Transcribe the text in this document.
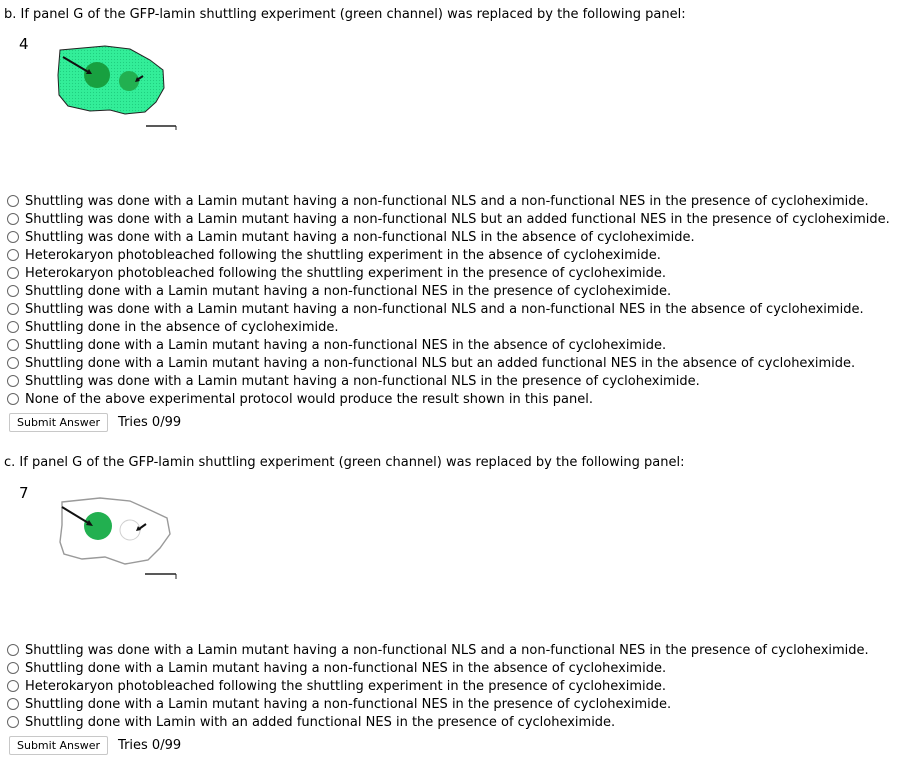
b. If panel G of the GFP-lamin shuttling experiment (green channel) was replaced by the following panel:
4
Shuttling was done with a Lamin mutant having a non-functional NLS and a non-functional NES in the presence of cycloheximide.
Shuttling was done with a Lamin mutant having a non-functional NLS but an added functional NES in the presence of cycloheximide.
Shuttling was done with a Lamin mutant having a non-functional NLS in the absence of cycloheximide.
Heterokaryon photobleached following the shuttling experiment in the absence of cycloheximide.
Heterokaryon photobleached following the shuttling experiment in the presence of cycloheximide.
Shuttling done with a Lamin mutant having a non-functional NES in the presence of cycloheximide.
Shuttling was done with a Lamin mutant having a non-functional NLS and a non-functional NES in the absence of cycloheximide.
Shuttling done in the absence of cycloheximide.
Shuttling done with a Lamin mutant having a non-functional NES in the absence of cycloheximide.
Shuttling done with a Lamin mutant having a non-functional NLS but an added functional NES in the absence of cycloheximide.
Shuttling was done with a Lamin mutant having a non-functional NLS in the presence of cycloheximide.
None of the above experimental protocol would produce the result shown in this panel.
Submit Answer	Tries 0/99
c. If panel G of the GFP-lamin shuttling experiment (green channel) was replaced by the following panel:
7
Shuttling was done with a Lamin mutant having a non-functional NLS and a non-functional NES in the presence of cycloheximide.
Shuttling done with a Lamin mutant having a non-functional NES in the absence of cycloheximide.
Heterokaryon photobleached following the shuttling experiment in the presence of cycloheximide.
Shuttling done with a Lamin mutant having a non-functional NES in the presence of cycloheximide.
Shuttling done with Lamin with an added functional NES in the presence of cycloheximide.
Submit Answer	Tries 0/99
